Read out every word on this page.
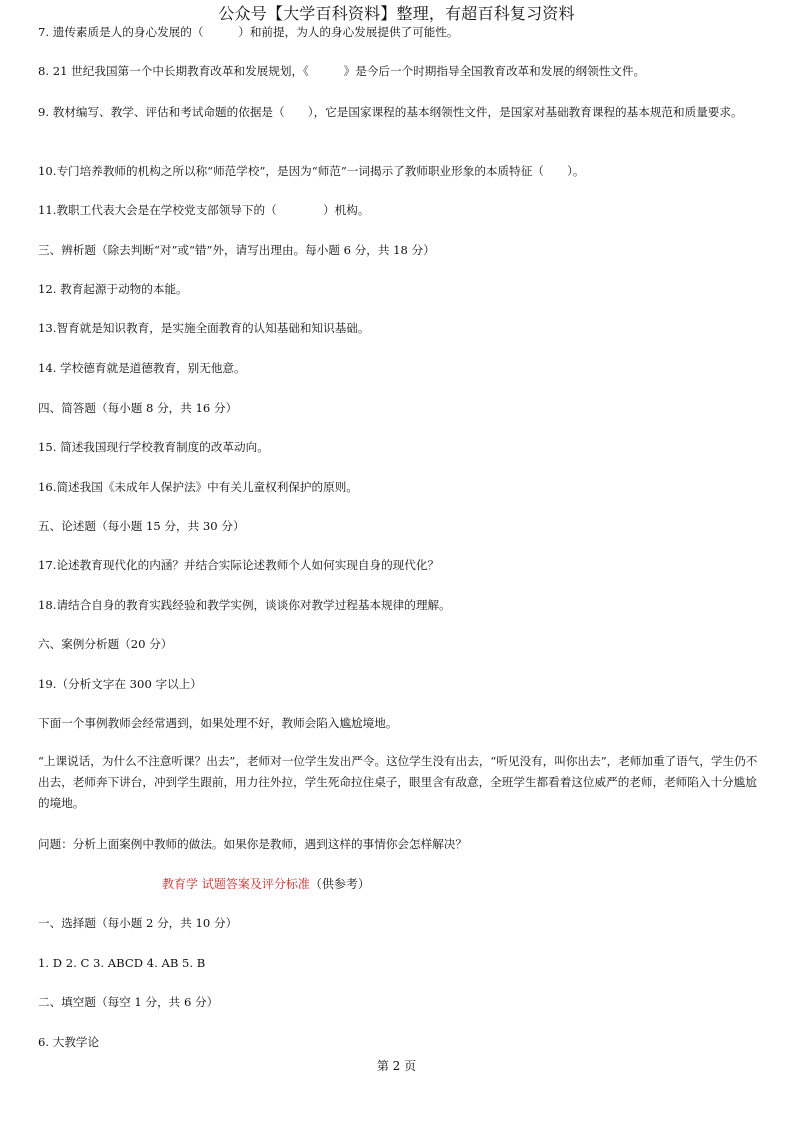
公众号【大学百科资料】整理，有超百科复习资料
7. 遗传素质是人的身心发展的（　　　）和前提，为人的身心发展提供了可能性。
8. 21 世纪我国第一个中长期教育改革和发展规划，《　　　》是今后一个时期指导全国教育改革和发展的纲领性文件。
9. 教材编写、教学、评估和考试命题的依据是（　　），它是国家课程的基本纲领性文件，是国家对基础教育课程的基本规范和质量要求。
10.专门培养教师的机构之所以称“师范学校”，是因为“师范”一词揭示了教师职业形象的本质特征（　　）。
11.教职工代表大会是在学校党支部领导下的（　　　　）机构。
三、辨析题（除去判断“对”或“错”外，请写出理由。每小题 6 分，共 18 分）
12. 教育起源于动物的本能。
13.智育就是知识教育，是实施全面教育的认知基础和知识基础。
14. 学校德育就是道德教育，别无他意。
四、简答题（每小题 8 分，共 16 分）
15. 简述我国现行学校教育制度的改革动向。
16.简述我国《未成年人保护法》中有关儿童权利保护的原则。
五、论述题（每小题 15 分，共 30 分）
17.论述教育现代化的内涵？并结合实际论述教师个人如何实现自身的现代化？
18.请结合自身的教育实践经验和教学实例，谈谈你对教学过程基本规律的理解。
六、案例分析题（20 分）
19.（分析文字在 300 字以上）
下面一个事例教师会经常遇到，如果处理不好，教师会陷入尴尬境地。
“上课说话，为什么不注意听课？出去”，老师对一位学生发出严令。这位学生没有出去，“听见没有，叫你出去”，老师加重了语气，学生仍不出去，老师奔下讲台，冲到学生跟前，用力往外拉，学生死命拉住桌子，眼里含有敌意，全班学生都看着这位威严的老师，老师陷入十分尴尬的境地。
问题：分析上面案例中教师的做法。如果你是教师，遇到这样的事情你会怎样解决？
教育学 试题答案及评分标准（供参考）
一、选择题（每小题 2 分，共 10 分）
1. D 2. C 3. ABCD 4. AB 5. B
二、填空题（每空 1 分，共 6 分）
6. 大教学论
第 2 页
